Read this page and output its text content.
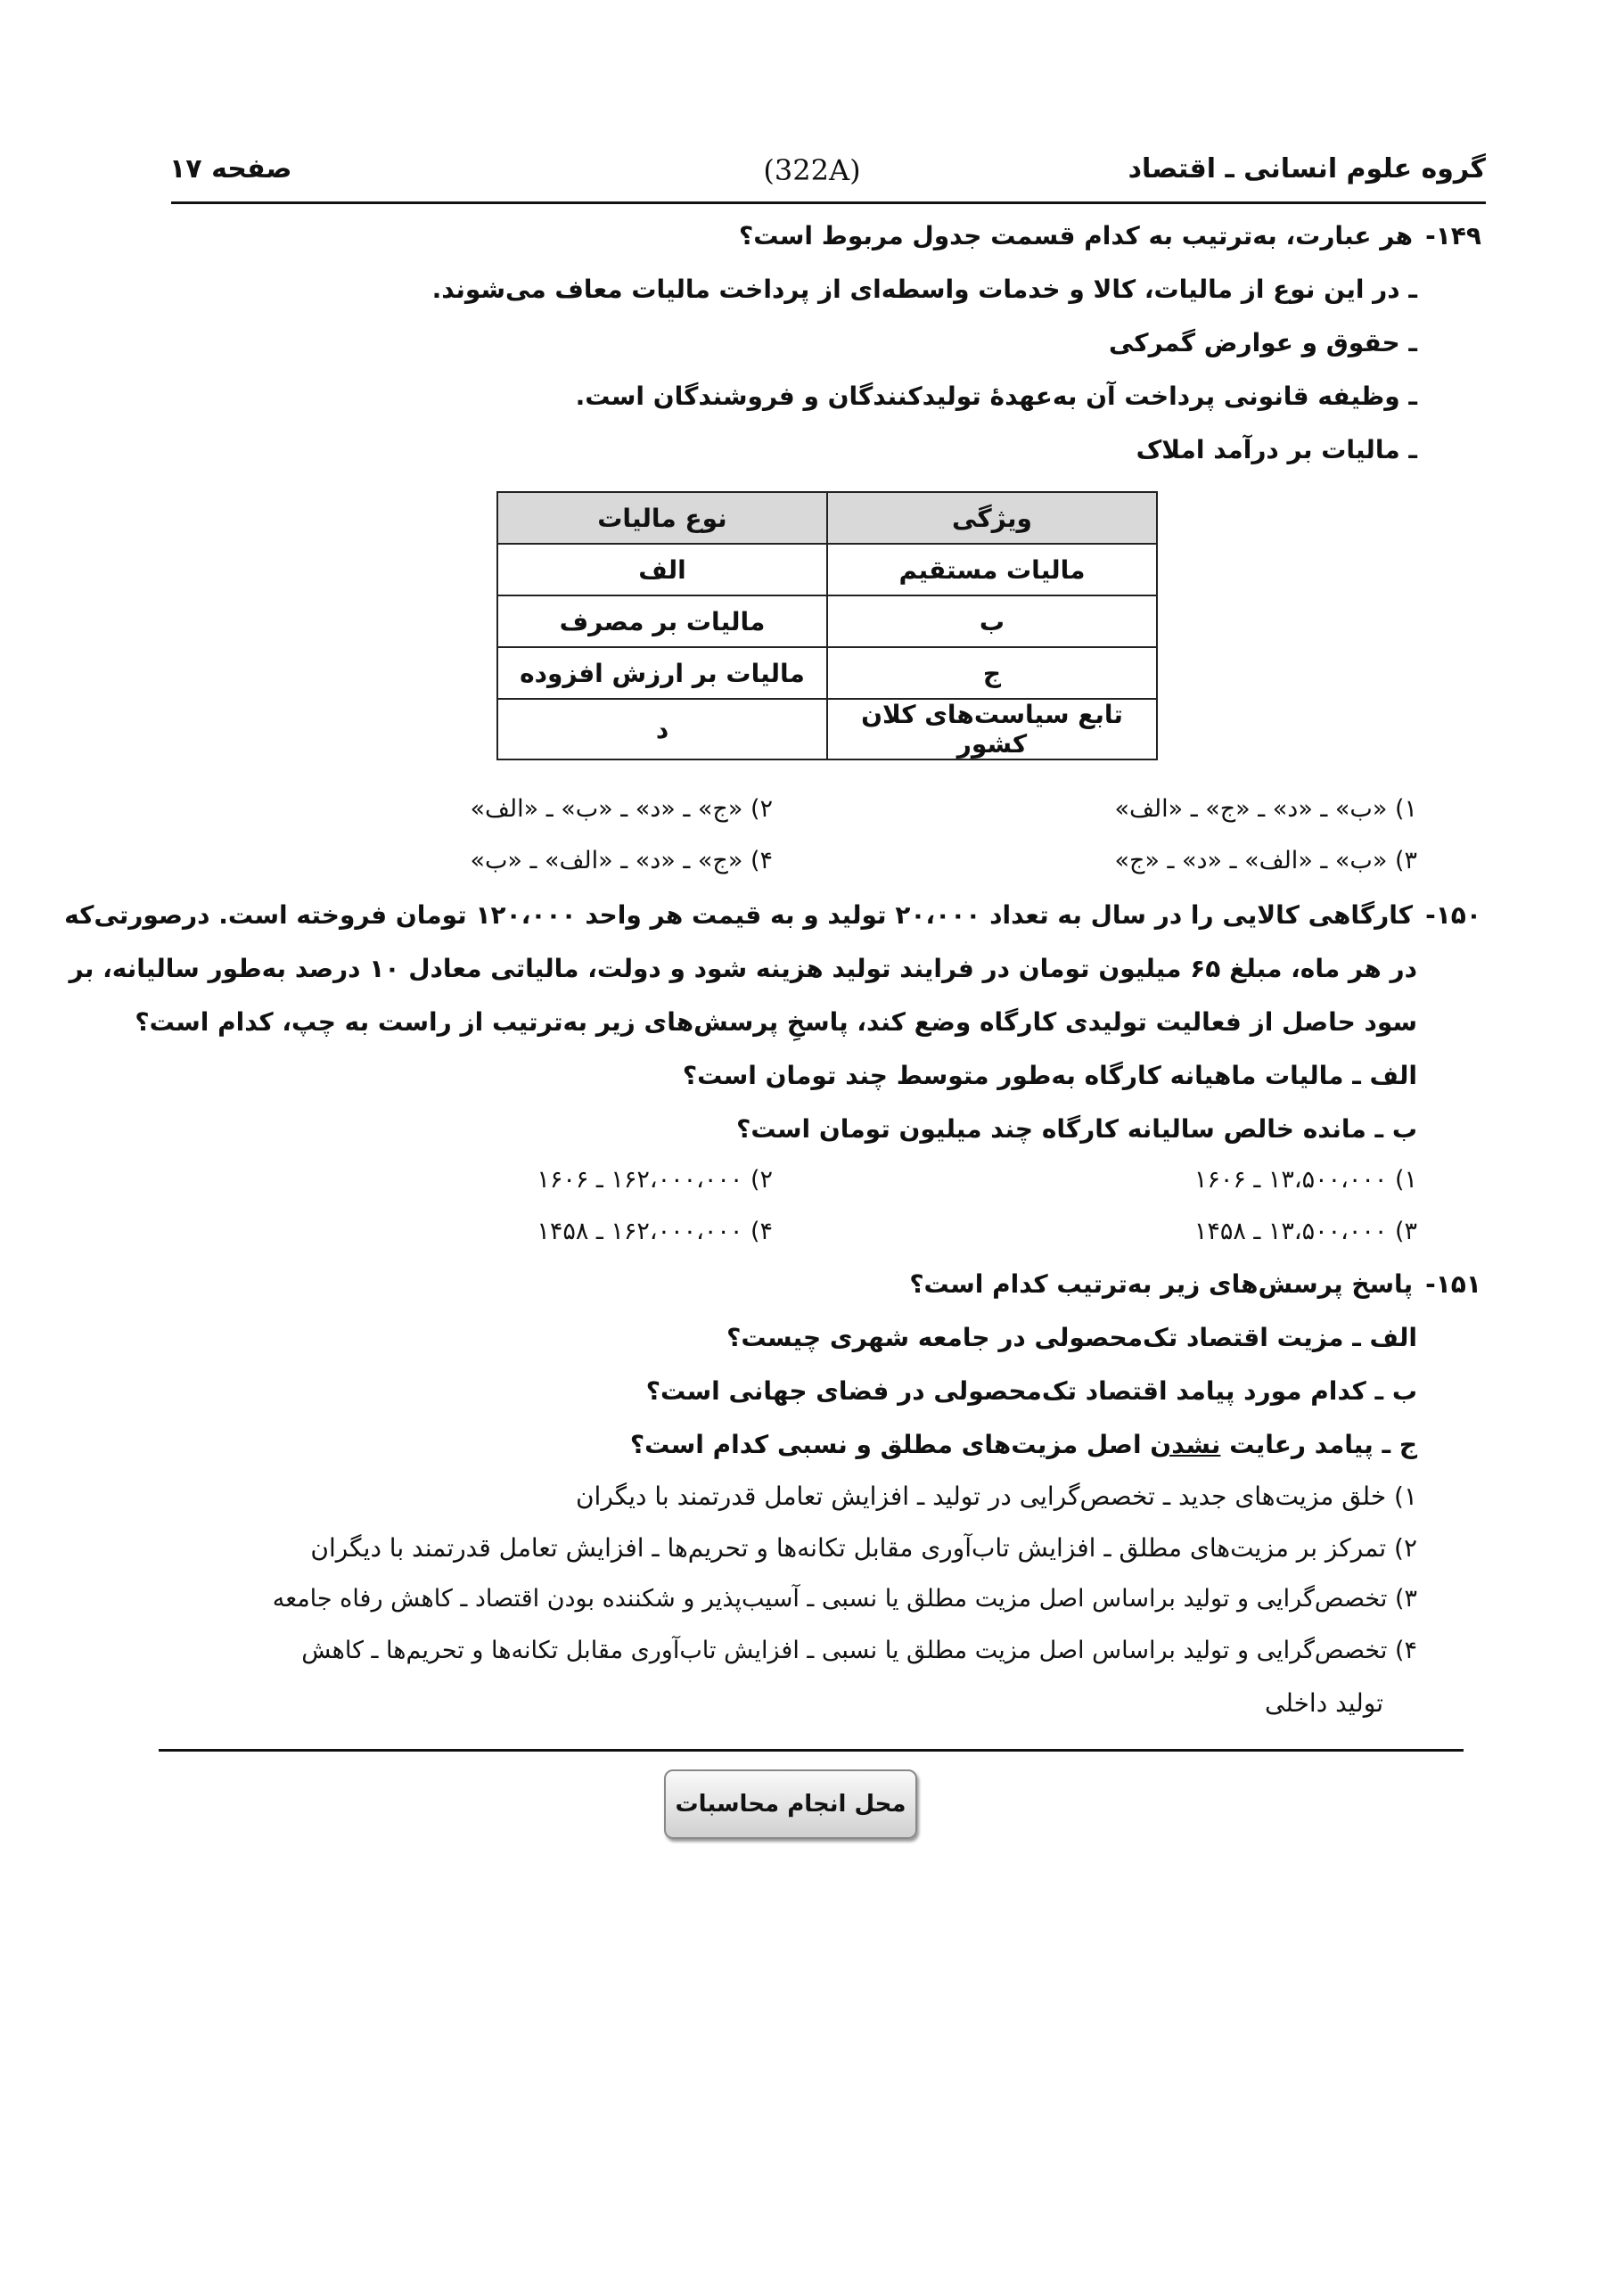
صفحه ۱۷	(322A)	گروه علوم انسانی ـ اقتصاد
۱۴۹-هر عبارت، به‌ترتیب به کدام قسمت جدول مربوط است؟
ـ در این نوع از مالیات، کالا و خدمات واسطه‌ای از پرداخت مالیات معاف می‌شوند.
ـ حقوق و عوارض گمرکی
ـ وظیفه قانونی پرداخت آن به‌عهدهٔ تولیدکنندگان و فروشندگان است.
ـ مالیات بر درآمد املاک
ویژگی	نوع مالیات
مالیات مستقیم	الف
ب	مالیات بر مصرف
ج	مالیات بر ارزش افزوده
تابع سیاست‌های کلان کشور	د
۱) «ب» ـ «د» ـ «ج» ـ «الف»
۲) «ج» ـ «د» ـ «ب» ـ «الف»
۳) «ب» ـ «الف» ـ «د» ـ «ج»
۴) «ج» ـ «د» ـ «الف» ـ «ب»
۱۵۰-کارگاهی کالایی را در سال به تعداد ۲۰،۰۰۰ تولید و به قیمت هر واحد ۱۲۰،۰۰۰ تومان فروخته است. درصورتی‌که
در هر ماه، مبلغ ۶۵ میلیون تومان در فرایند تولید هزینه شود و دولت، مالیاتی معادل ۱۰ درصد به‌طور سالیانه، بر
سود حاصل از فعالیت تولیدی کارگاه وضع کند، پاسخِ پرسش‌های زیر به‌ترتیب از راست به چپ، کدام است؟
الف ـ مالیات ماهیانه کارگاه به‌طور متوسط چند تومان است؟
ب ـ مانده خالص سالیانه کارگاه چند میلیون تومان است؟
۱) ۱۳،۵۰۰،۰۰۰ ـ ۱۶۰۶
۲) ۱۶۲،۰۰۰،۰۰۰ ـ ۱۶۰۶
۳) ۱۳،۵۰۰،۰۰۰ ـ ۱۴۵۸
۴) ۱۶۲،۰۰۰،۰۰۰ ـ ۱۴۵۸
۱۵۱-پاسخ پرسش‌های زیر به‌ترتیب کدام است؟
الف ـ مزیت اقتصاد تک‌محصولی در جامعه شهری چیست؟
ب ـ کدام مورد پیامد اقتصاد تک‌محصولی در فضای جهانی است؟
ج ـ پیامد رعایت نشدن اصل مزیت‌های مطلق و نسبی کدام است؟
۱) خلق مزیت‌های جدید ـ تخصص‌گرایی در تولید ـ افزایش تعامل قدرتمند با دیگران
۲) تمرکز بر مزیت‌های مطلق ـ افزایش تاب‌آوری مقابل تکانه‌ها و تحریم‌ها ـ افزایش تعامل قدرتمند با دیگران
۳) تخصص‌گرایی و تولید براساس اصل مزیت مطلق یا نسبی ـ آسیب‌پذیر و شکننده بودن اقتصاد ـ کاهش رفاه جامعه
۴) تخصص‌گرایی و تولید براساس اصل مزیت مطلق یا نسبی ـ افزایش تاب‌آوری مقابل تکانه‌ها و تحریم‌ها ـ کاهش
تولید داخلی
محل انجام محاسبات
